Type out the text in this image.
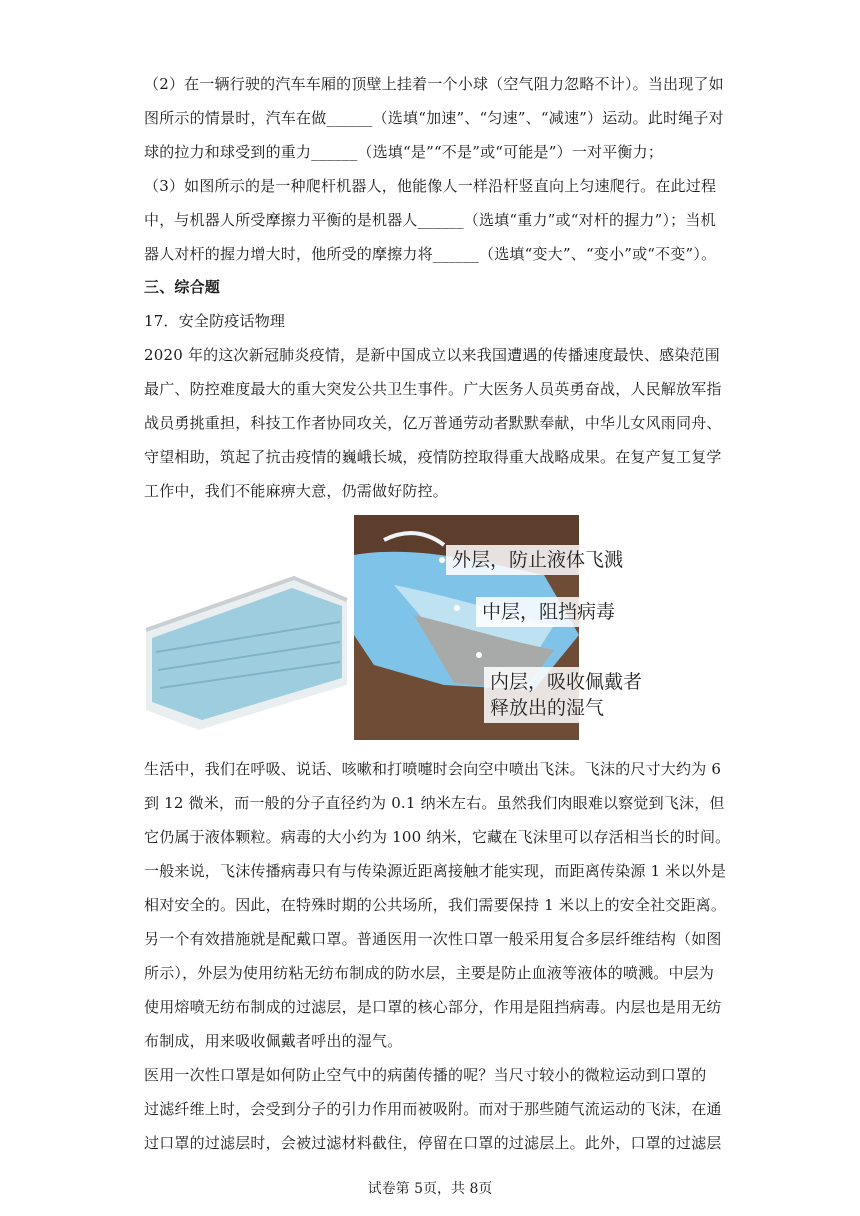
（2）在一辆行驶的汽车车厢的顶壁上挂着一个小球（空气阻力忽略不计）。当出现了如
图所示的情景时，汽车在做______（选填“加速”、“匀速”、“减速”）运动。此时绳子对
球的拉力和球受到的重力______（选填“是”“不是”或“可能是”）一对平衡力；
（3）如图所示的是一种爬杆机器人，他能像人一样沿杆竖直向上匀速爬行。在此过程
中，与机器人所受摩擦力平衡的是机器人______（选填“重力”或“对杆的握力”）；当机
器人对杆的握力增大时，他所受的摩擦力将______（选填“变大”、“变小”或“不变”）。
三、综合题
17．安全防疫话物理
2020 年的这次新冠肺炎疫情，是新中国成立以来我国遭遇的传播速度最快、感染范围
最广、防控难度最大的重大突发公共卫生事件。广大医务人员英勇奋战，人民解放军指
战员勇挑重担，科技工作者协同攻关，亿万普通劳动者默默奉献，中华儿女风雨同舟、
守望相助，筑起了抗击疫情的巍峨长城，疫情防控取得重大战略成果。在复产复工复学
工作中，我们不能麻痹大意，仍需做好防控。
外层，防止液体飞溅
中层，阻挡病毒
内层，吸收佩戴者
释放出的湿气
生活中，我们在呼吸、说话、咳嗽和打喷嚏时会向空中喷出飞沫。飞沫的尺寸大约为 6
到 12 微米，而一般的分子直径约为 0.1 纳米左右。虽然我们肉眼难以察觉到飞沫，但
它仍属于液体颗粒。病毒的大小约为 100 纳米，它藏在飞沫里可以存活相当长的时间。
一般来说，飞沫传播病毒只有与传染源近距离接触才能实现，而距离传染源 1 米以外是
相对安全的。因此，在特殊时期的公共场所，我们需要保持 1 米以上的安全社交距离。
另一个有效措施就是配戴口罩。普通医用一次性口罩一般采用复合多层纤维结构（如图
所示），外层为使用纺粘无纺布制成的防水层，主要是防止血液等液体的喷溅。中层为
使用熔喷无纺布制成的过滤层，是口罩的核心部分，作用是阻挡病毒。内层也是用无纺
布制成，用来吸收佩戴者呼出的湿气。
医用一次性口罩是如何防止空气中的病菌传播的呢？当尺寸较小的微粒运动到口罩的
过滤纤维上时，会受到分子的引力作用而被吸附。而对于那些随气流运动的飞沫，在通
过口罩的过滤层时，会被过滤材料截住，停留在口罩的过滤层上。此外，口罩的过滤层
试卷第 5页，共 8页
